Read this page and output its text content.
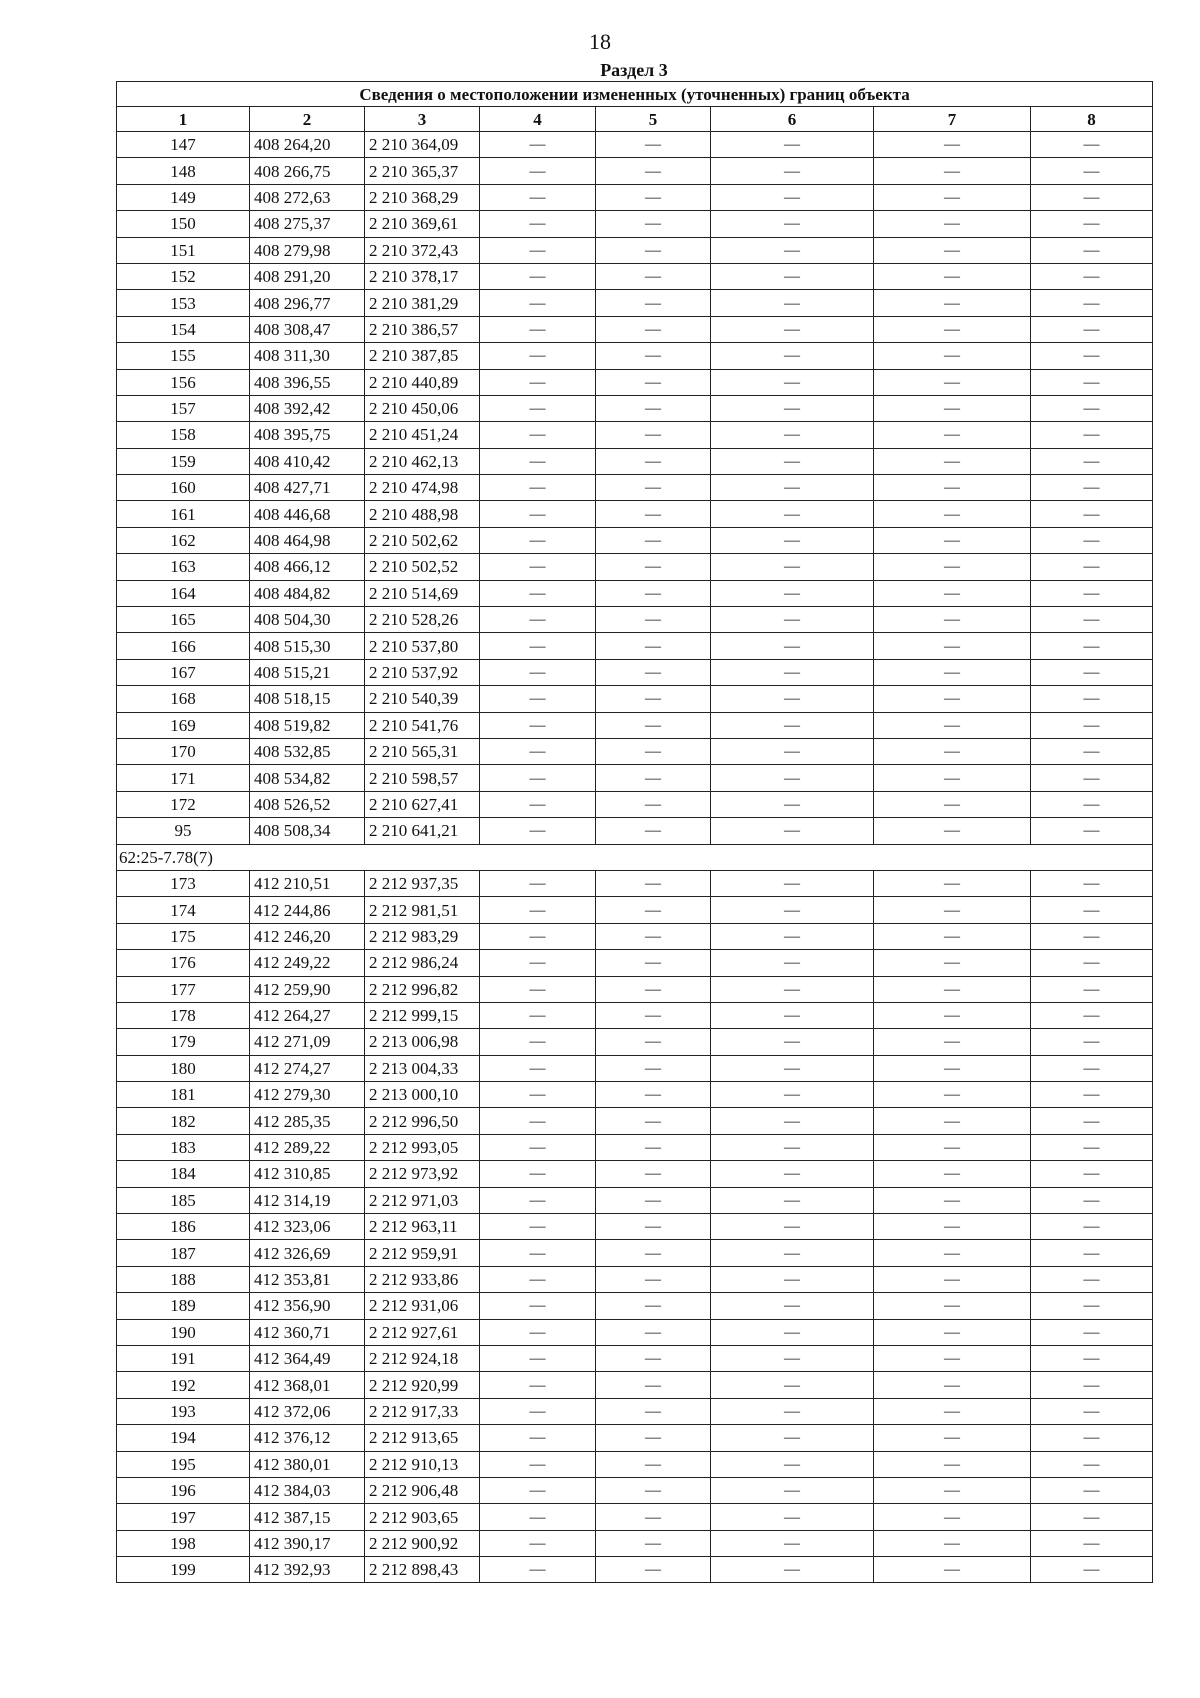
18
Раздел 3
Сведения о местоположении измененных (уточненных) границ объекта							
1	2	3	4	5	6	7	8
147	408 264,20	2 210 364,09	—	—	—	—	—
148	408 266,75	2 210 365,37	—	—	—	—	—
149	408 272,63	2 210 368,29	—	—	—	—	—
150	408 275,37	2 210 369,61	—	—	—	—	—
151	408 279,98	2 210 372,43	—	—	—	—	—
152	408 291,20	2 210 378,17	—	—	—	—	—
153	408 296,77	2 210 381,29	—	—	—	—	—
154	408 308,47	2 210 386,57	—	—	—	—	—
155	408 311,30	2 210 387,85	—	—	—	—	—
156	408 396,55	2 210 440,89	—	—	—	—	—
157	408 392,42	2 210 450,06	—	—	—	—	—
158	408 395,75	2 210 451,24	—	—	—	—	—
159	408 410,42	2 210 462,13	—	—	—	—	—
160	408 427,71	2 210 474,98	—	—	—	—	—
161	408 446,68	2 210 488,98	—	—	—	—	—
162	408 464,98	2 210 502,62	—	—	—	—	—
163	408 466,12	2 210 502,52	—	—	—	—	—
164	408 484,82	2 210 514,69	—	—	—	—	—
165	408 504,30	2 210 528,26	—	—	—	—	—
166	408 515,30	2 210 537,80	—	—	—	—	—
167	408 515,21	2 210 537,92	—	—	—	—	—
168	408 518,15	2 210 540,39	—	—	—	—	—
169	408 519,82	2 210 541,76	—	—	—	—	—
170	408 532,85	2 210 565,31	—	—	—	—	—
171	408 534,82	2 210 598,57	—	—	—	—	—
172	408 526,52	2 210 627,41	—	—	—	—	—
95	408 508,34	2 210 641,21	—	—	—	—	—
62:25-7.78(7)							
173	412 210,51	2 212 937,35	—	—	—	—	—
174	412 244,86	2 212 981,51	—	—	—	—	—
175	412 246,20	2 212 983,29	—	—	—	—	—
176	412 249,22	2 212 986,24	—	—	—	—	—
177	412 259,90	2 212 996,82	—	—	—	—	—
178	412 264,27	2 212 999,15	—	—	—	—	—
179	412 271,09	2 213 006,98	—	—	—	—	—
180	412 274,27	2 213 004,33	—	—	—	—	—
181	412 279,30	2 213 000,10	—	—	—	—	—
182	412 285,35	2 212 996,50	—	—	—	—	—
183	412 289,22	2 212 993,05	—	—	—	—	—
184	412 310,85	2 212 973,92	—	—	—	—	—
185	412 314,19	2 212 971,03	—	—	—	—	—
186	412 323,06	2 212 963,11	—	—	—	—	—
187	412 326,69	2 212 959,91	—	—	—	—	—
188	412 353,81	2 212 933,86	—	—	—	—	—
189	412 356,90	2 212 931,06	—	—	—	—	—
190	412 360,71	2 212 927,61	—	—	—	—	—
191	412 364,49	2 212 924,18	—	—	—	—	—
192	412 368,01	2 212 920,99	—	—	—	—	—
193	412 372,06	2 212 917,33	—	—	—	—	—
194	412 376,12	2 212 913,65	—	—	—	—	—
195	412 380,01	2 212 910,13	—	—	—	—	—
196	412 384,03	2 212 906,48	—	—	—	—	—
197	412 387,15	2 212 903,65	—	—	—	—	—
198	412 390,17	2 212 900,92	—	—	—	—	—
199	412 392,93	2 212 898,43	—	—	—	—	—
